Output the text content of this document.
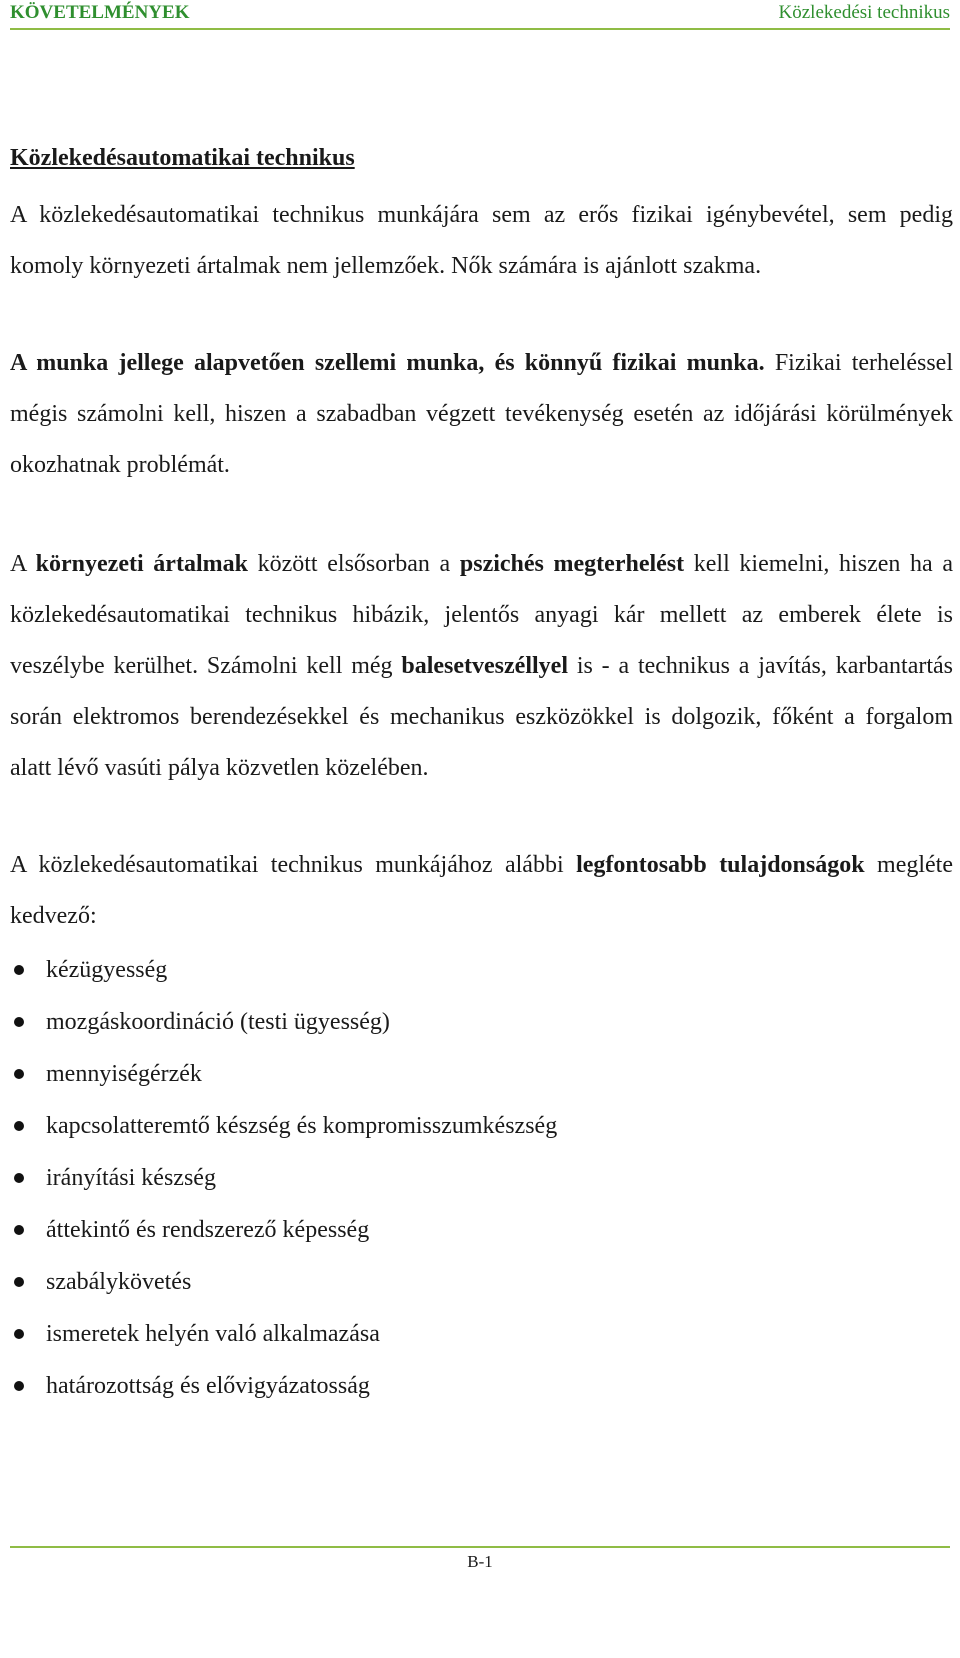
KÖVETELMÉNYEK	Közlekedési technikus
Közlekedésautomatikai technikus

A közlekedésautomatikai technikus munkájára sem az erős fizikai igénybevétel, sem pedig komoly környezeti ártalmak nem jellemzőek. Nők számára is ajánlott szakma.

A munka jellege alapvetően szellemi munka, és könnyű fizikai munka. Fizikai terheléssel mégis számolni kell, hiszen a szabadban végzett tevékenység esetén az időjárási körülmények okozhatnak problémát.

A környezeti ártalmak között elsősorban a pszichés megterhelést kell kiemelni, hiszen ha a közlekedésautomatikai technikus hibázik, jelentős anyagi kár mellett az emberek élete is veszélybe kerülhet. Számolni kell még balesetveszéllyel is - a technikus a javítás, karbantartás során elektromos berendezésekkel és mechanikus eszközökkel is dolgozik, főként a forgalom alatt lévő vasúti pálya közvetlen közelében.

A közlekedésautomatikai technikus munkájához alábbi legfontosabb tulajdonságok megléte kedvező:

kézügyesség
mozgáskoordináció (testi ügyesség)
mennyiségérzék
kapcsolatteremtő készség és kompromisszumkészség
irányítási készség
áttekintő és rendszerező képesség
szabálykövetés
ismeretek helyén való alkalmazása
határozottság és elővigyázatosság
B-1
